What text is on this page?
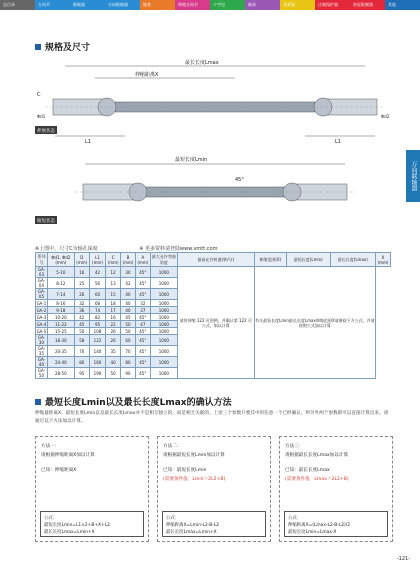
总目录	万向节	联轴器	万向联轴器	胀套	伸缩万向节	十字包	轴承	张紧器	过载保护器	转矩限制器	其他
万向联轴器
规格及尺寸
最长长度Lmax
伸缩距离X
L1	L1
C
Φd1	Φd2
伸展状态
最短长度Lmin
45°
缩短状态
※上图中，尺寸C为轴孔深度	※ 更多资料请登陆www.vmtt.com
系列号	Φd1, Φd2 (mm)	D (mm)	L1 (mm)	C (mm)	B (mm)	A (mm)	最大允许弯曲角度	最高允许转速(转/分)	伸缩范围(X)	最短长度(Lmin)	最长长度(Lmax)	X (mm)
GA-03	5-10	16	42	12	30	45°	1000	请用伸缩 122 页图例，并确认第 122 页公式，如以计算	有关最短长度Lmin最长长度Lmax伸缩范围X请参阅下方公式，并请按照公式加以计算			
GA-04	8-12	25	56	13	42	45°	1000					
GA-05	7-14	26	60	15	40	45°	1000					
GA-1	8-16	32	68	18	40	32	1000					
GA-2	9-18	36	74	17	40	37	1000					
GA-3	10-20	42	82	16	45	45°	1000					
GA-4	11-22	45	95	22	50	47	1000					
GA-5	15-25	50	108	26	50	45°	1000					
GA-30	18-30	58	122	26	60	45°	1000					
GA-35	20-35	70	140	35	70	45°	1000					
GA-40	24-40	80	160	40	80	45°	1000					
GA-50	28-50	95	190	50	90	45°	1000					
最短长度Lmin以及最长长度Lmax的确认方法
伸缩量距离X、最短长度Lmin以及最长长度Lmax并不是相互独立的，而是相互关联的。上述三个参数只要其中的任意一个已经确认，则另外两个参数即可以直接计算出来。请通过以下方法加以计算。
方法一：
请根据伸缩距离X加以计算
已知：伸缩距离X
公式：
最短长度Lmin=L1×2+B+X+L2
最长长度Lmax=Lmin+X
方法二：
请根据最短长度Lmin加以计算
已知：最短长度Lmin
(需要条件值：Lmin＞2L2+B)
公式：
伸缩距离X=Lmin-L2-B-L2
最长长度Lmax=Lmin+X
方法三：
请根据最长长度Lmax加以计算
已知：最长长度Lmax
(需要条件值：Lmax＞2L2+B)
公式：
伸缩距离X=(Lmax-L2-B-L2)/2
最短长度Lmin=Lmax-X
-121-
